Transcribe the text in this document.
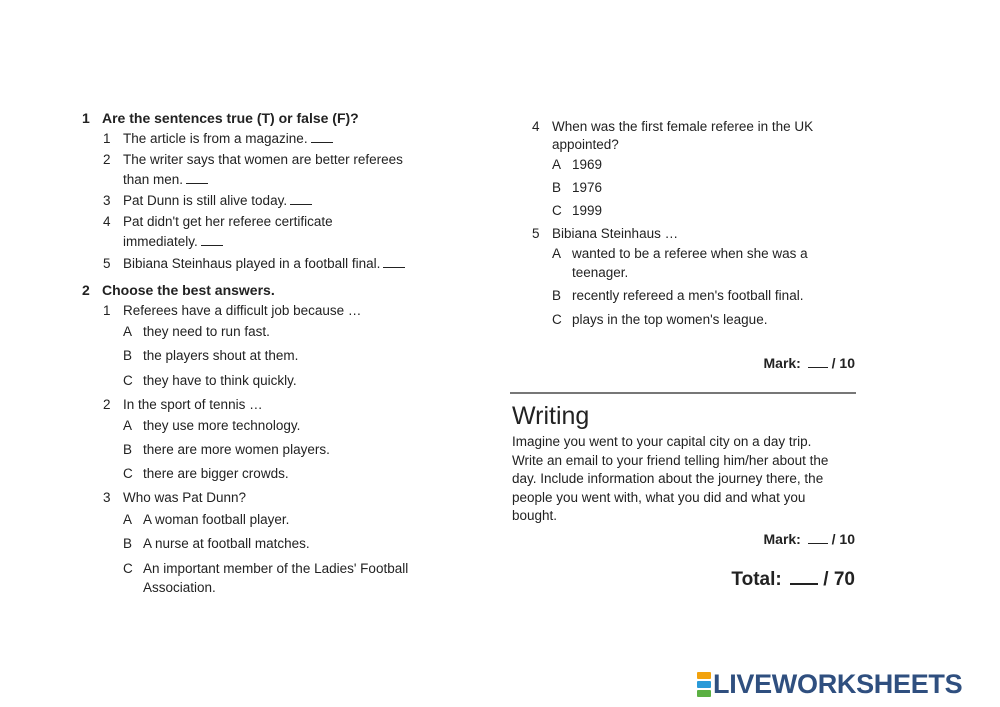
1 Are the sentences true (T) or false (F)?
1 The article is from a magazine.
2 The writer says that women are better referees
than men.
3 Pat Dunn is still alive today.
4 Pat didn't get her referee certificate
immediately.
5 Bibiana Steinhaus played in a football final.
2 Choose the best answers.
1 Referees have a difficult job because …
A they need to run fast.
B the players shout at them.
C they have to think quickly.
2 In the sport of tennis …
A they use more technology.
B there are more women players.
C there are bigger crowds.
3 Who was Pat Dunn?
A A woman football player.
B A nurse at football matches.
C An important member of the Ladies' Football
Association.
4 When was the first female referee in the UK
appointed?
A 1969
B 1976
C 1999
5 Bibiana Steinhaus …
A wanted to be a referee when she was a
teenager.
B recently refereed a men's football final.
C plays in the top women's league.
Mark: / 10
Writing
Imagine you went to your capital city on a day trip.
Write an email to your friend telling him/her about the
day. Include information about the journey there, the
people you went with, what you did and what you
bought.
Mark: / 10
Total: / 70
LIVEWORKSHEETS
